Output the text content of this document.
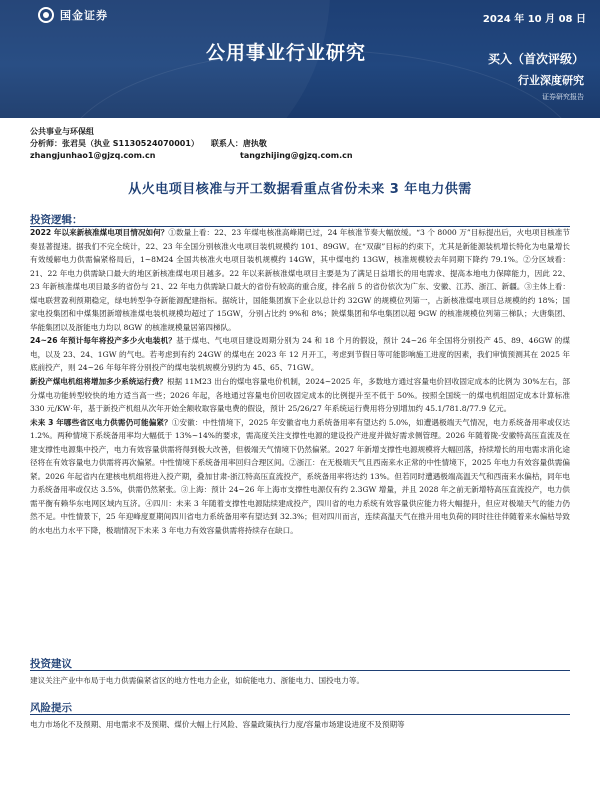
国金证券	2024 年 10 月 08 日
公用事业行业研究	买入（首次评级）
行业深度研究
证券研究报告
公共事业与环保组
分析师：张君昊（执业 S1130524070001） 联系人：唐执敬
zhangjunhao1@gjzq.com.cn	tangzhijing@gjzq.com.cn
从火电项目核准与开工数据看重点省份未来 3 年电力供需
投资逻辑：

2022 年以来新核准煤电项目情况如何？①数量上看：22、23 年煤电核准高峰期已过，24 年核准节奏大幅放缓。“3 个 8000 万”目标提出后，火电项目核准节奏显著提速。据我们不完全统计，22、23 年全国分别核准火电项目装机规模约 101、89GW。在“双碳”目标的约束下，尤其是新能源装机增长特化为电量增长有效缓解电力供需偏紧格局后，1~8M24 全国共核准火电项目装机规模约 14GW，其中煤电约 13GW，核准规模较去年同期下降约 79.1%。②分区域看：21、22 年电力供需缺口最大的地区新核准煤电项目越多。22 年以来新核准煤电项目主要是为了满足日益增长的用电需求、提高本地电力保障能力，因此 22、23 年新核准煤电项目最多的省份与 21、22 年电力供需缺口最大的省份有较高的重合度，排名前 5 的省份依次为广东、安徽、江苏、浙江、新疆。③主体上看：煤电联营盈利预期稳定，绿电转型争夺新能源配建指标。据统计，国能集团旗下企业以总计约 32GW 的规模位列第一，占新核准煤电项目总规模的约 18%；国家电投集团和中煤集团新增核准煤电装机规模均超过了 15GW，分别占比约 9%和 8%；陕煤集团和华电集团以超 9GW 的核准规模位列第三梯队；大唐集团、华能集团以及浙能电力均以 8GW 的核准规模量居第四梯队。

24~26 年预计每年将投产多少火电装机？基于煤电、气电项目建设周期分别为 24 和 18 个月的假设，预计 24~26 年全国将分别投产 45、89、46GW 的煤电，以及 23、24、1GW 的气电。若考虑到有约 24GW 的煤电在 2023 年 12 月开工，考虑到节假日等可能影响施工进度的因素，我们审慎预测其在 2025 年底前投产，则 24~26 年每年将分别投产的煤电装机规模分别约为 45、65、71GW。

新投产煤电机组将增加多少系统运行费？根据 11M23 出台的煤电容量电价机制，2024~2025 年，多数地方通过容量电价回收固定成本的比例为 30%左右，部分煤电功能转型较快的地方适当高一些；2026 年起，各地通过容量电价回收固定成本的比例提升至不低于 50%。按照全国统一的煤电机组固定成本计算标准 330 元/KW·年，基于新投产机组从次年开始全额收取容量电费的假设，预计 25/26/27 年系统运行费用将分别增加约 45.1/781.8/77.9 亿元。

未来 3 年哪些省区电力供需仍可能偏紧？①安徽：中性情境下，2025 年安徽省电力系统备用率有望达约 5.0%，如遭遇极端天气情况，电力系统备用率或仅达 1.2%。两种情境下系统备用率均大幅低于 13%~14%的要求，需高度关注支撑性电源的建设投产进度并做好需求侧管理。2026 年随着陇-安徽特高压直流及在建支撑性电源集中投产，电力有效容量供需将得到极大改善，但极端天气情境下仍然偏紧。2027 年新增支撑性电源规模将大幅回落，持续增长的用电需求消化途径将在有效容量电力供需将再次偏紧。中性情境下系统备用率回归合理区间。②浙江：在无极端天气且西南来水正常的中性情境下，2025 年电力有效容量供需偏紧。2026 年起省内在建核电机组将进入投产期，叠加甘肃-浙江特高压直流投产，系统备用率将达约 13%。但若同时遭遇极端高温天气和西南来水偏枯，同年电力系统备用率或仅达 3.5%，供需仍然紧张。③上海：预计 24~26 年上海市支撑性电源仅有约 2.3GW 增量，并且 2028 年之前无新增特高压直流投产，电力供需平衡有赖华东电网区域内互济。④四川：未来 3 年随着支撑性电源陆续建成投产，四川省的电力系统有效容量供应能力将大幅提升，但应对极端天气的能力仍然不足。中性情景下，25 年迎峰度夏期间四川省电力系统备用率有望达到 32.3%；但对四川而言，连续高温天气在推升用电负荷的同时往往伴随着来水偏枯导致的水电出力水平下降，极端情况下未来 3 年电力有效容量供需将持续存在缺口。

投资建议
建议关注产业中布局于电力供需偏紧省区的地方性电力企业，如皖能电力、浙能电力、国投电力等。
风险提示
电力市场化不及预期、用电需求不及预期、煤价大幅上行风险、容量政策执行力度/容量市场建设进度不及预期等
